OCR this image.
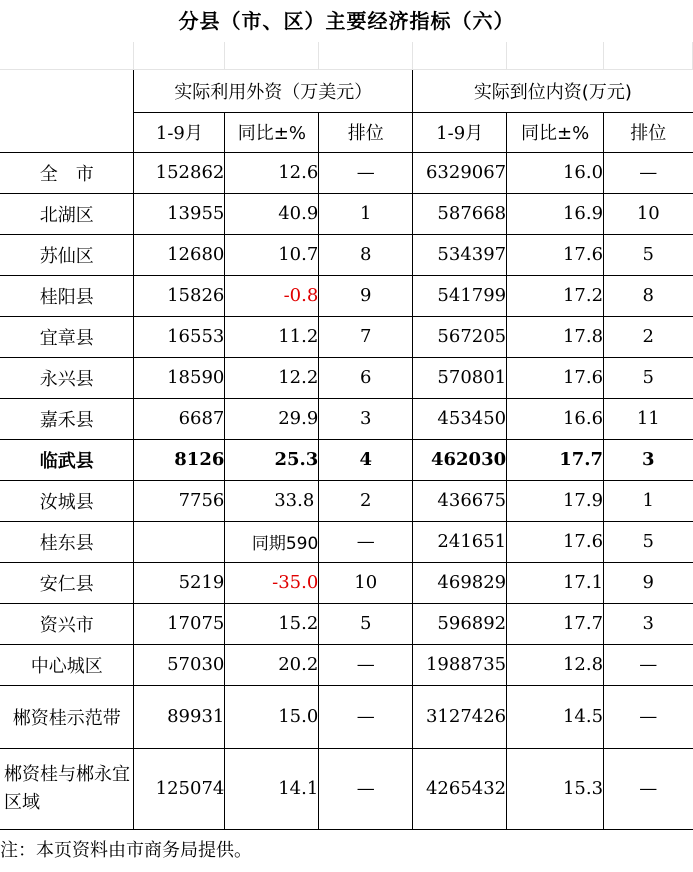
分县（市、区）主要经济指标（六）

	实际利用外资（万美元）			实际到位内资(万元)		
	1-9月	同比±%	排位	1-9月	同比±%	排位
全　市	152862	12.6	—	6329067	16.0	—
北湖区	13955	40.9	1	587668	16.9	10
苏仙区	12680	10.7	8	534397	17.6	5
桂阳县	15826	-0.8	9	541799	17.2	8
宜章县	16553	11.2	7	567205	17.8	2
永兴县	18590	12.2	6	570801	17.6	5
嘉禾县	6687	29.9	3	453450	16.6	11
临武县	8126	25.3	4	462030	17.7	3
汝城县	7756	33.8	2	436675	17.9	1
桂东县		同期590	—	241651	17.6	5
安仁县	5219	-35.0	10	469829	17.1	9
资兴市	17075	15.2	5	596892	17.7	3
中心城区	57030	20.2	—	1988735	12.8	—
郴资桂示范带	89931	15.0	—	3127426	14.5	—
郴资桂与郴永宜区域	125074	14.1	—	4265432	15.3	—
注：本页资料由市商务局提供。						
